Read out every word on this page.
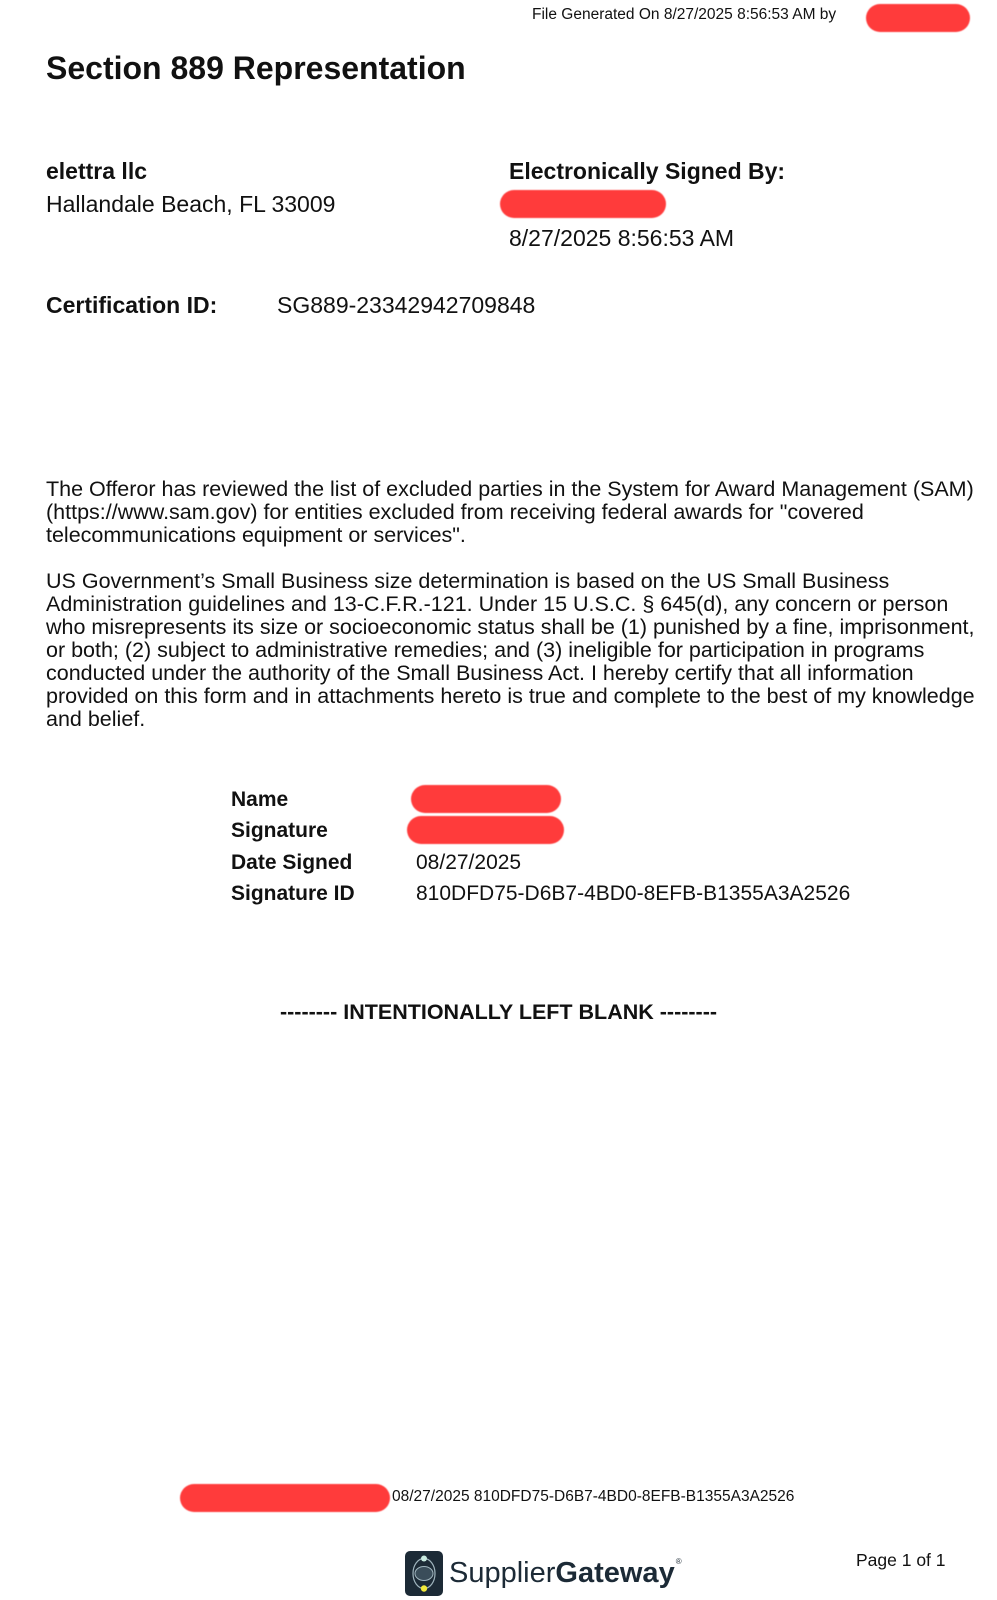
File Generated On 8/27/2025 8:56:53 AM by
Section 889 Representation
elettra llc
Hallandale Beach, FL 33009
Electronically Signed By:
8/27/2025 8:56:53 AM
Certification ID:	SG889-23342942709848
The Offeror has reviewed the list of excluded parties in the System for Award Management (SAM) (https://www.sam.gov) for entities excluded from receiving federal awards for "covered telecommunications equipment or services".
US Government’s Small Business size determination is based on the US Small Business Administration guidelines and 13-C.F.R.-121. Under 15 U.S.C. § 645(d), any concern or person who misrepresents its size or socioeconomic status shall be (1) punished by a fine, imprisonment, or both; (2) subject to administrative remedies; and (3) ineligible for participation in programs conducted under the authority of the Small Business Act. I hereby certify that all information provided on this form and in attachments hereto is true and complete to the best of my knowledge and belief.
Name
Signature
Date Signed	08/27/2025
Signature ID	810DFD75-D6B7-4BD0-8EFB-B1355A3A2526
-------- INTENTIONALLY LEFT BLANK --------
08/27/2025 810DFD75-D6B7-4BD0-8EFB-B1355A3A2526
SupplierGateway®	Page 1 of 1
